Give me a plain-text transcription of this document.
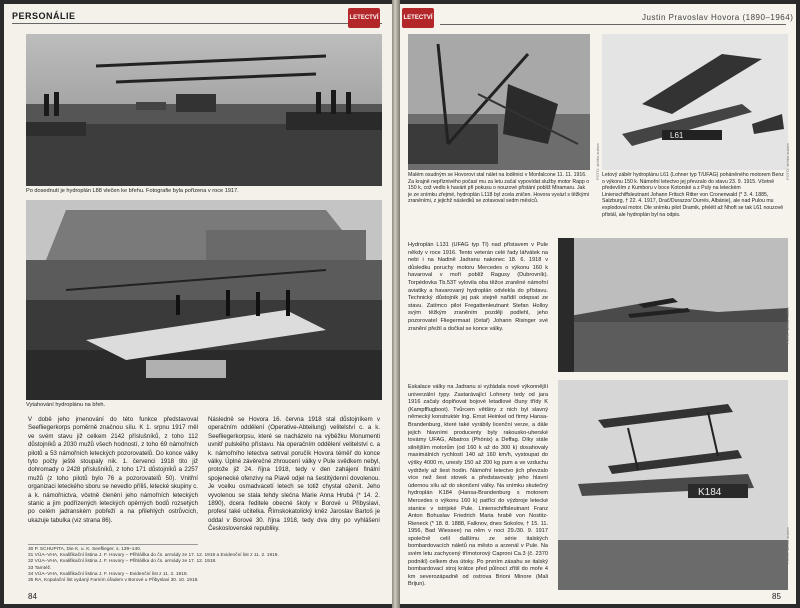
PERSONÁLIE	LETECTVÍ
Po dosednutí je hydroplán L88 vlečen ke břehu. Fotografie byla pořízena v roce 1917.
Vytahování hydroplánu na břeh.
V době jeho jmenování do této funkce představoval Seefliegerkorps poměrně značnou sílu. K 1. srpnu 1917 měl ve svém stavu již celkem 2142 příslušníků, z toho 112 důstojníků a 2030 mužů všech hodností, z toho 69 námořních pilotů a 53 námořních leteckých pozorovatelů. Do konce války tyto počty ještě stoupaly nik. 1. červenci 1918 tito již dohromady o 2428 příslušníků, z toho 171 důstojníků a 2257 mužů (z toho pilotů bylo 76 a pozorovatelů 50). Vnitřní organizaci leteckého sboru se nevedlo příliš, letecké skupiny c. a k. námořnictva, včetně členění jeho námořních leteckých stanic a jim podřízených leteckých opěrných bodů rozsetých po celém jadranském pobřeží a na přilehlých ostrůvcích, ukazuje tabulka (viz strana 86).
Následně se Hovora 16. června 1918 stal důstojníkem v operačním oddělení (Operative-Abteilung) velitelství c. a k. Seefliegerkorpsu, které se nacházelo na výběžku Monumenti uvnitř pulského přístavu. Na operačním oddělení velitelství c. a k. námořního letectva setrval poručík Hovora téměř do konce války. Úplné závěrečné zhroucení války v Pule svědkem nebyl, protože již 24. října 1918, tedy v den zahájení finální spojenecké ofenzivy na Piavě odjel na šestitýdenní dovolenou. Je vcelku osmadvacetí letech se totiž chystal oženit. Jeho vyvolenou se stala tehdy slečna Marie Anna Hrubá (* 14. 2. 1890), dcera ředitele obecné školy v Borové u Přibyslavi, profesí také učitelka. Římskokatolický kněz Jaroslav Bartoš je oddal v Borové 30. října 1918, tedy dva dny po vyhlášení Československé republiky.
30 P. SCHUPITA, Die K. u. K. Seeflieger, s. 139–140.
31 VÚA–VHA, Kvalifikační listina J. F. Hovory – Přihláška do čs. armády ze 17. 12. 1918 a Evidenční list z 11. 2. 1919.
32 VÚA–VHA, Kvalifikační listina J. F. Hovory – Přihláška do čs. armády ze 17. 12. 1918.
33 Tamtéž.
34 VÚA–VHA, Kvalifikační listina J. F. Hovory – Evidenční list z 11. 2. 1919.
35 RA, Kopulační list vydaný Farním úřadem v Borové u Přibyslavi 30. 10. 1918.
84
LETECTVÍ	Justin Pravoslav Hovora (1890–1964)
Malém osudným se Hovorovi stal nálet na loděnici v Monfalcone 11. 11. 1916. Za krajně nepříznivého počasí mu za letu začal vypovídat služby motor Rapp o 150 k, což vedlo k havárii při pokusu o nouzové přistání poblíž Miramaru. Jak je ze snímku zřejmé, hydroplán L118 byl zcela zničen. Hovora vyvázl s těžkými zraněními, z jejichž následků se zotavoval sedm měsíců.
L61
Letový záběr hydroplánu L61 (Lohner typ T/UFAG) poháněného motorem Benz o výkonu 150 k. Námořní letectvo jej převzalo do stavu 23. 9. 1915. Včetně především z Kumboru v boce Kotorské a z Puly na leteckém Linienschiffsleutnant Johann Fritsch Ritter von Cronenwald (* 3. 4. 1885, Salzburg, † 22. 4. 1917, Drač/Durazzo/ Durrës, Albánie), ale nad Pulou mu explodoval motor. Dle snímku pilot Dramik, přelétl až Nhoft se tak L61 nouzově přistál, ale hydroplán byl na odpis.
Hydroplán L131 (UFAG typ TI) nad přístavem v Pule někdy v roce 1916. Tento veterán celé řady lářvátek na nebi i na hladině Jadranu nakonec 18. 6. 1918 v důsledku poruchy motoru Mercedes o výkonu 160 k havaroval v moři poblíž Ragusy (Dubrovník). Torpédovka Tb.53T vylovila oba těžce zraněné námořní aviatiky a havarovaný hydroplán odvlekla do přístavu. Technický důstojník jej pak stejně nařídil odepsat ze stavu. Zatímco pilot Fregattenleutnant Stefan Holloy svým těžkým zraněním později podlehl, jeho pozorovatel Fliegermaat (četař) Johann Risinger své zranění přežil a dočkal se konce války.
Eskalace války na Jadranu si vyžádala nové výkonnější univerzální typy. Zastarávající Lohnery tedy od jara 1916 začaly doplňovat bojové letadlové čluny třídy K (Kampfflugboot). Tvůrcem většiny z nich byl slavný německý konstruktér Ing. Ernst Heinkel od firmy Hansa-Brandenburg, které také vyrábily licenční verze, a dále jejich hlavními producenty byly rakousko-uherské továrny UFAG, Albatros (Phönix) a Deffag. Díky stále silnějším motorům (od 160 k až do 300 k) dosahovaly maximálních rychlostí 140 až 160 km/h, vystoupat do výšky 4000 m, unesly 150 až 200 kg pum a ve vzduchu vydržely až šest hodin. Námořní letectvo jich převzalo více než šest stovek a představovaly jeho hlavní údernou sílu až do skončení války. Na snímku skutečný hydroplán K184 (Hansa-Brandenburg s motorem Mercedes o výkonu 160 k) patřící do výzbroje letecké stanice v istrijské Pule. Linienschiffsleutnant Franz Anton Bohuslav Friedrich Maria hrabě von Nostitz-Rieneck (* 18. 8. 1888, Falknov, dnes Sokolov, † 15. 11. 1956, Bad Wiessee) na něm v noci 29./30. 9. 1917 společně celil dalšímu ze série italských bombardovacích náletů na město a arzenál v Pule. Na svém letu zachycený třímotorový Caproni Ca.3 (č. 2370 podnikl) celkem dva útoky. Po prvním zásahu se italský bombardovací stroj krátce před půlnocí zřítil do moře 4 km severozápadně od ostrova Brioni Minore (Mali Brijun).
K184
FOTO: sbírka autora	FOTO: sbírka autora
FOTO: sbírka autora
FOTO: sbírka autora
85
